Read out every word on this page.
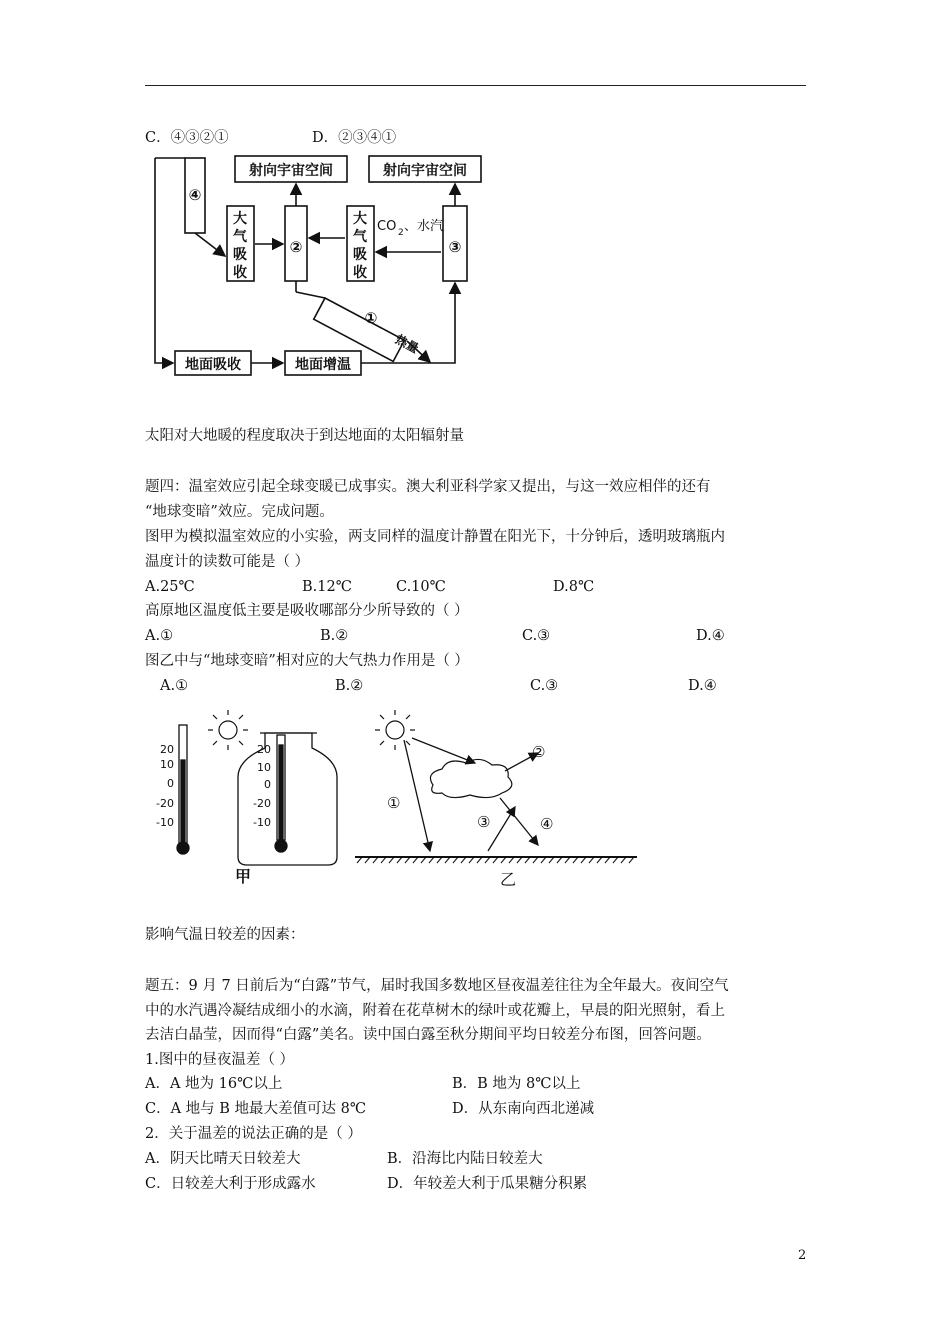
C．④③②①	D．②③④①
④
②	③
①
射向宇宙空间	射向宇宙空间
地面吸收	地面增温
大
气
吸
收
大
气
吸
收
CO 2 、水汽
热量
太阳对大地暖的程度取决于到达地面的太阳辐射量
题四：温室效应引起全球变暖已成事实。澳大利亚科学家又提出，与这一效应相伴的还有
“地球变暗”效应。完成问题。
图甲为模拟温室效应的小实验，两支同样的温度计静置在阳光下，十分钟后，透明玻璃瓶内
温度计的读数可能是（ ）
A.25℃	B.12℃	C.10℃	D.8℃
高原地区温度低主要是吸收哪部分少所导致的（ ）
A.①	B.②	C.③	D.④
图乙中与“地球变暗”相对应的大气热力作用是（ ）
A.①	B.②	C.③	D.④
20
10
0
-20
-10
20
10
0
-20
-10
甲
①
②
③	④
乙
影响气温日较差的因素：
题五：9 月 7 日前后为“白露”节气，届时我国多数地区昼夜温差往往为全年最大。夜间空气
中的水汽遇冷凝结成细小的水滴，附着在花草树木的绿叶或花瓣上，早晨的阳光照射，看上
去洁白晶莹，因而得“白露”美名。读中国白露至秋分期间平均日较差分布图，回答问题。
1.图中的昼夜温差（ ）
A．A 地为 16℃以上	B．B 地为 8℃以上
C．A 地与 B 地最大差值可达 8℃	D．从东南向西北递减
2．关于温差的说法正确的是（ ）
A．阴天比晴天日较差大	B．沿海比内陆日较差大
C．日较差大利于形成露水	D．年较差大利于瓜果糖分积累
2
